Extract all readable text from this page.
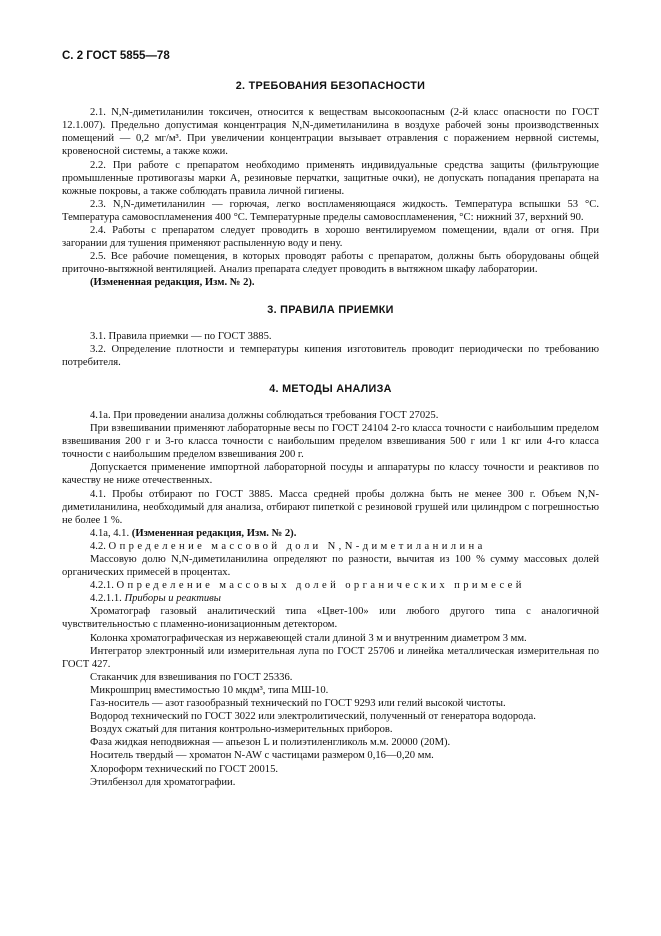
С. 2 ГОСТ 5855—78
2. ТРЕБОВАНИЯ БЕЗОПАСНОСТИ

2.1. N,N-диметиланилин токсичен, относится к веществам высокоопасным (2-й класс опасности по ГОСТ 12.1.007). Предельно допустимая концентрация N,N-диметиланилина в воздухе рабочей зоны производственных помещений — 0,2 мг/м³. При увеличении концентрации вызывает отравления с поражением нервной системы, кровеносной системы, а также кожи.

2.2. При работе с препаратом необходимо применять индивидуальные средства защиты (фильтрующие промышленные противогазы марки А, резиновые перчатки, защитные очки), не допускать попадания препарата на кожные покровы, а также соблюдать правила личной гигиены.

2.3. N,N-диметиланилин — горючая, легко воспламеняющаяся жидкость. Температура вспышки 53 °С. Температура самовоспламенения 400 °С. Температурные пределы самовоспламенения, °С: нижний 37, верхний 90.

2.4. Работы с препаратом следует проводить в хорошо вентилируемом помещении, вдали от огня. При загорании для тушения применяют распыленную воду и пену.

2.5. Все рабочие помещения, в которых проводят работы с препаратом, должны быть оборудованы общей приточно-вытяжной вентиляцией. Анализ препарата следует проводить в вытяжном шкафу лаборатории.

(Измененная редакция, Изм. № 2).

3. ПРАВИЛА ПРИЕМКИ

3.1. Правила приемки — по ГОСТ 3885.

3.2. Определение плотности и температуры кипения изготовитель проводит периодически по требованию потребителя.

4. МЕТОДЫ АНАЛИЗА

4.1а. При проведении анализа должны соблюдаться требования ГОСТ 27025.

При взвешивании применяют лабораторные весы по ГОСТ 24104 2-го класса точности с наибольшим пределом взвешивания 200 г и 3-го класса точности с наибольшим пределом взвешивания 500 г или 1 кг или 4-го класса точности с наибольшим пределом взвешивания 200 г.

Допускается применение импортной лабораторной посуды и аппаратуры по классу точности и реактивов по качеству не ниже отечественных.

4.1. Пробы отбирают по ГОСТ 3885. Масса средней пробы должна быть не менее 300 г. Объем N,N-диметиланилина, необходимый для анализа, отбирают пипеткой с резиновой грушей или цилиндром с погрешностью не более 1 %.

4.1а, 4.1. (Измененная редакция, Изм. № 2).

4.2. Определение массовой доли N,N-диметиланилина

Массовую долю N,N-диметиланилина определяют по разности, вычитая из 100 % сумму массовых долей органических примесей в процентах.

4.2.1. Определение массовых долей органических примесей

4.2.1.1. Приборы и реактивы

Хроматограф газовый аналитический типа «Цвет-100» или любого другого типа с аналогичной чувствительностью с пламенно-ионизационным детектором.

Колонка хроматографическая из нержавеющей стали длиной 3 м и внутренним диаметром 3 мм.

Интегратор электронный или измерительная лупа по ГОСТ 25706 и линейка металлическая измерительная по ГОСТ 427.

Стаканчик для взвешивания по ГОСТ 25336.

Микрошприц вместимостью 10 мкдм³, типа МШ-10.

Газ-носитель — азот газообразный технический по ГОСТ 9293 или гелий высокой чистоты.

Водород технический по ГОСТ 3022 или электролитический, полученный от генератора водорода.

Воздух сжатый для питания контрольно-измерительных приборов.

Фаза жидкая неподвижная — апьезон L и полиэтиленгликоль м.м. 20000 (20М).

Носитель твердый — хроматон N-AW с частицами размером 0,16—0,20 мм.

Хлороформ технический по ГОСТ 20015.

Этилбензол для хроматографии.
